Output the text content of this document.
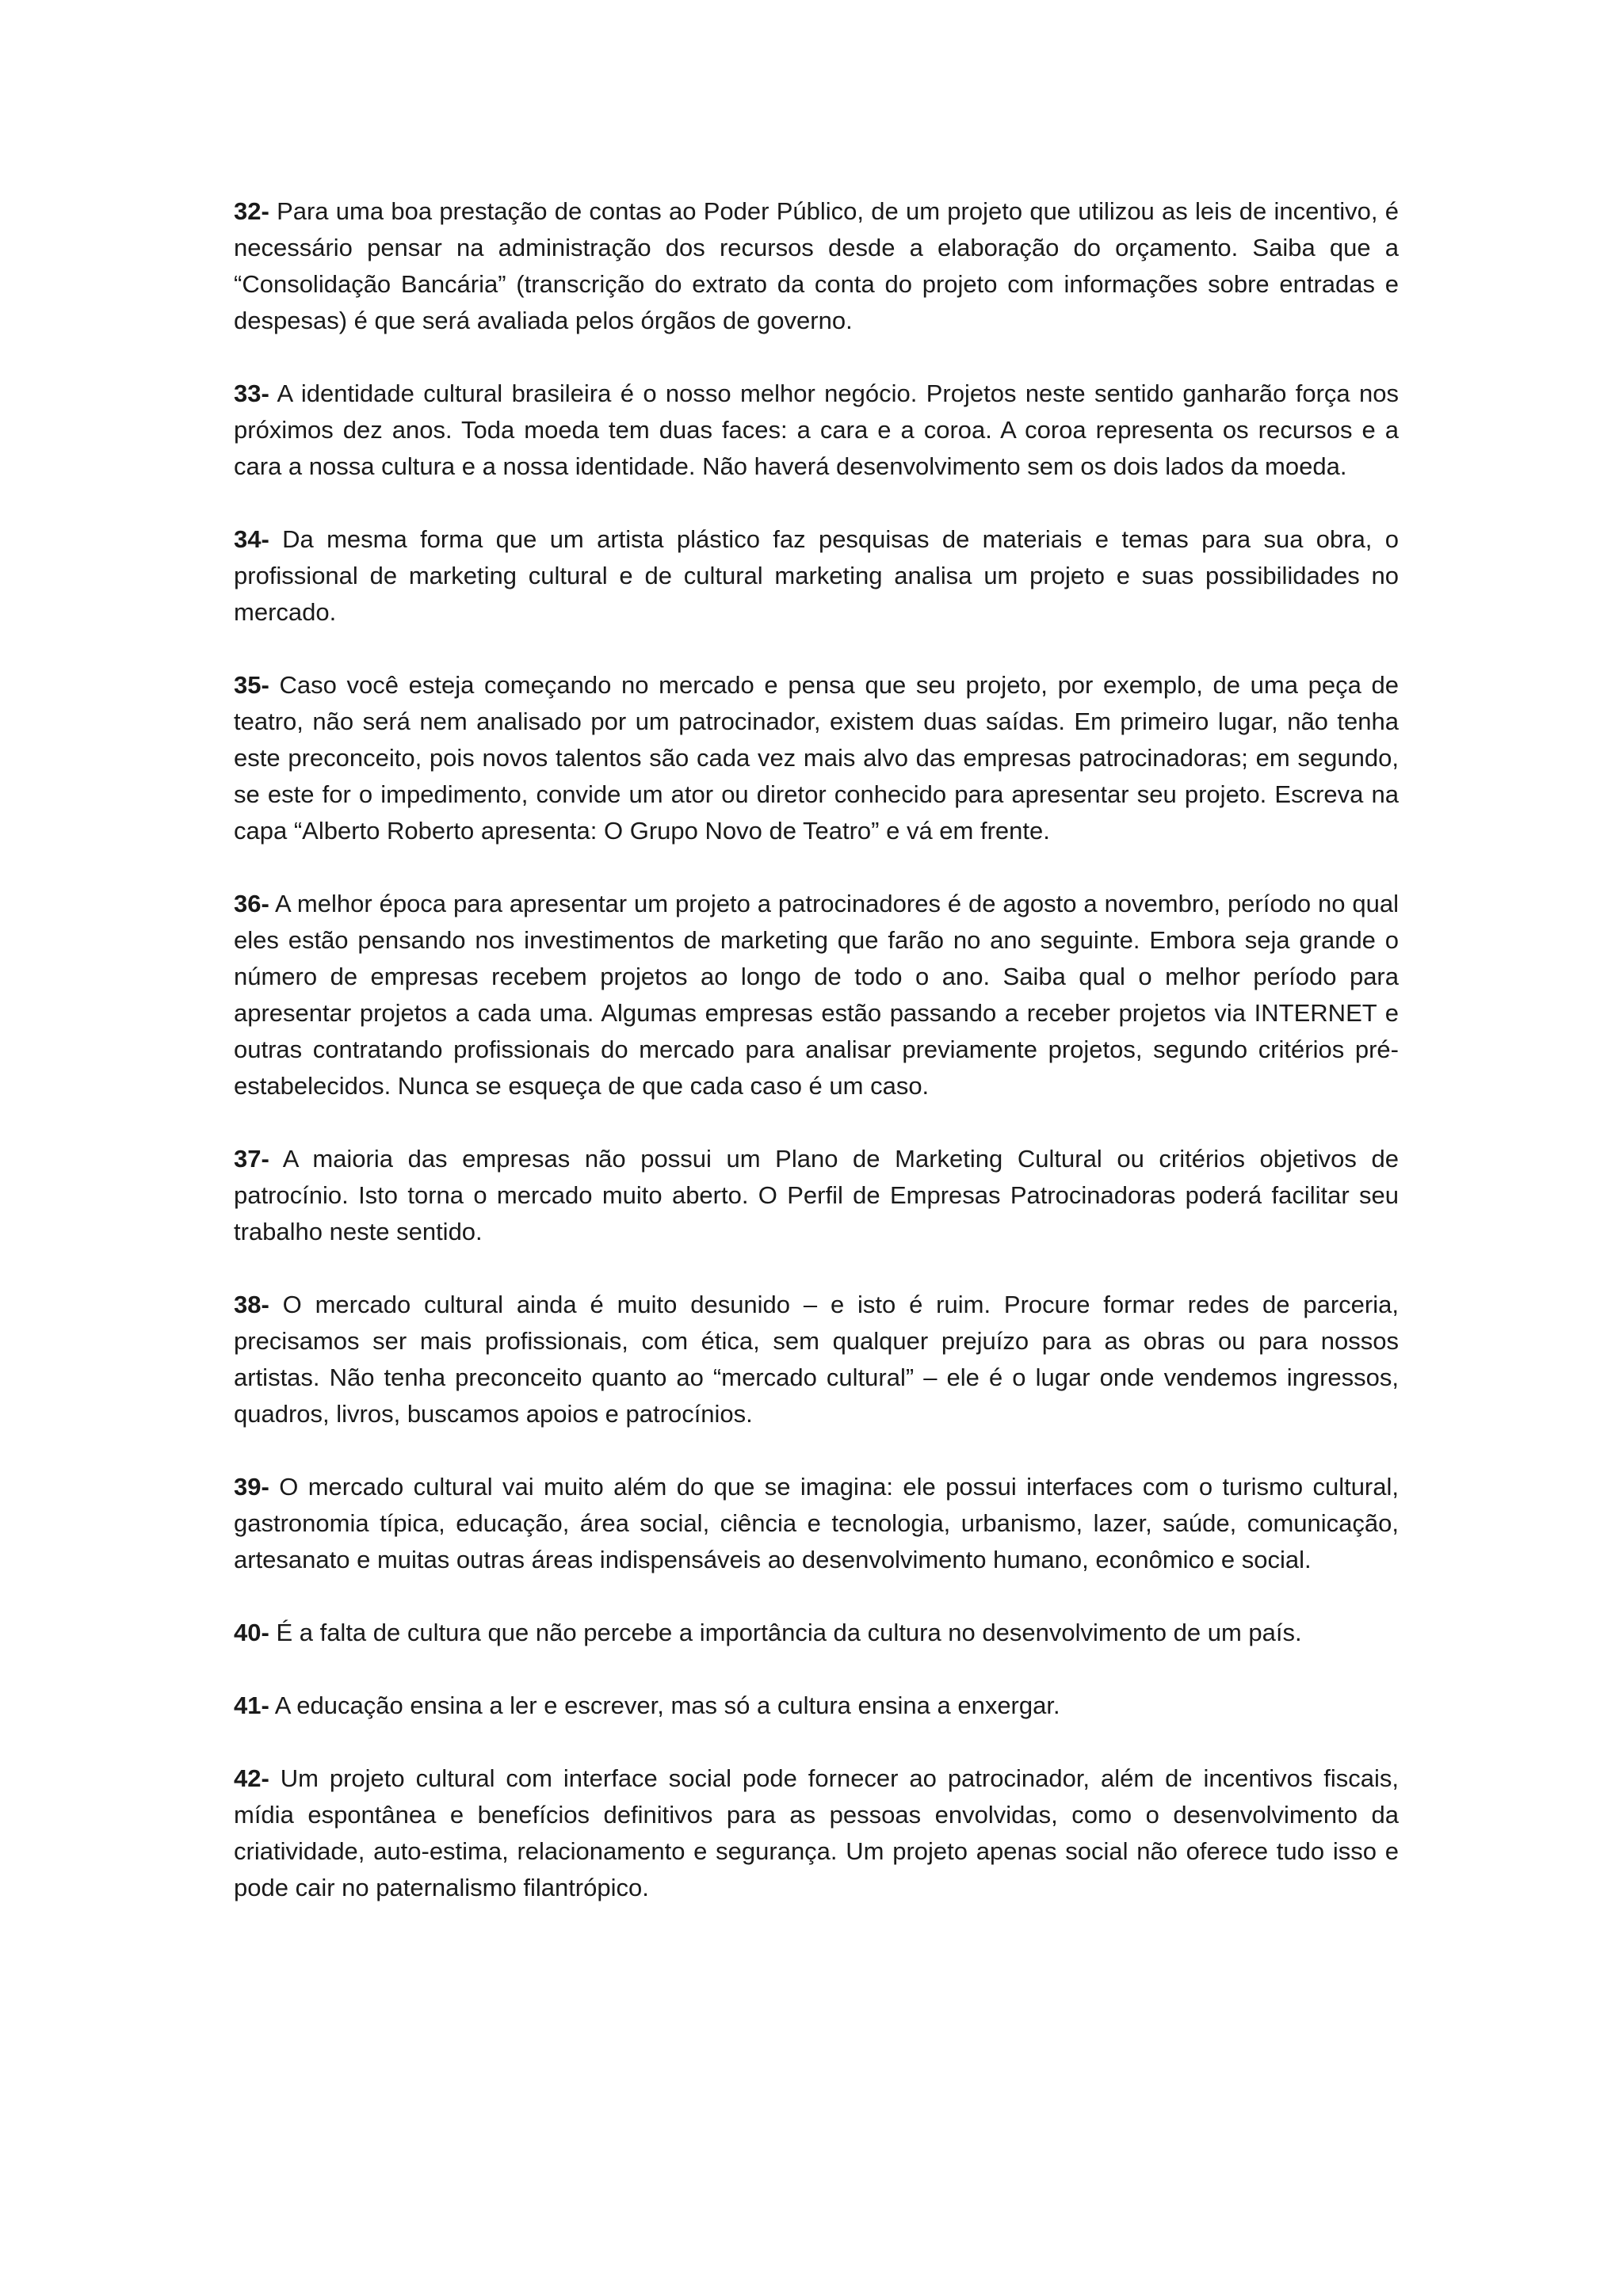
32- Para uma boa prestação de contas ao Poder Público, de um projeto que utilizou as leis de incentivo, é necessário pensar na administração dos recursos desde a elaboração do orçamento. Saiba que a “Consolidação Bancária” (transcrição do extrato da conta do projeto com informações sobre entradas e despesas) é que será avaliada pelos órgãos de governo.

33- A identidade cultural brasileira é o nosso melhor negócio. Projetos neste sentido ganharão força nos próximos dez anos. Toda moeda tem duas faces: a cara e a coroa. A coroa representa os recursos e a cara a nossa cultura e a nossa identidade. Não haverá desenvolvimento sem os dois lados da moeda.

34- Da mesma forma que um artista plástico faz pesquisas de materiais e temas para sua obra, o profissional de marketing cultural e de cultural marketing analisa um projeto e suas possibilidades no mercado.

35- Caso você esteja começando no mercado e pensa que seu projeto, por exemplo, de uma peça de teatro, não será nem analisado por um patrocinador, existem duas saídas. Em primeiro lugar, não tenha este preconceito, pois novos talentos são cada vez mais alvo das empresas patrocinadoras; em segundo, se este for o impedimento, convide um ator ou diretor conhecido para apresentar seu projeto. Escreva na capa “Alberto Roberto apresenta: O Grupo Novo de Teatro” e vá em frente.

36- A melhor época para apresentar um projeto a patrocinadores é de agosto a novembro, período no qual eles estão pensando nos investimentos de marketing que farão no ano seguinte. Embora seja grande o número de empresas recebem projetos ao longo de todo o ano. Saiba qual o melhor período para apresentar projetos a cada uma. Algumas empresas estão passando a receber projetos via INTERNET e outras contratando profissionais do mercado para analisar previamente projetos, segundo critérios pré-estabelecidos. Nunca se esqueça de que cada caso é um caso.

37- A maioria das empresas não possui um Plano de Marketing Cultural ou critérios objetivos de patrocínio. Isto torna o mercado muito aberto. O Perfil de Empresas Patrocinadoras poderá facilitar seu trabalho neste sentido.

38- O mercado cultural ainda é muito desunido – e isto é ruim. Procure formar redes de parceria, precisamos ser mais profissionais, com ética, sem qualquer prejuízo para as obras ou para nossos artistas. Não tenha preconceito quanto ao “mercado cultural” – ele é o lugar onde vendemos ingressos, quadros, livros, buscamos apoios e patrocínios.

39- O mercado cultural vai muito além do que se imagina: ele possui interfaces com o turismo cultural, gastronomia típica, educação, área social, ciência e tecnologia, urbanismo, lazer, saúde, comunicação, artesanato e muitas outras áreas indispensáveis ao desenvolvimento humano, econômico e social.

40- É a falta de cultura que não percebe a importância da cultura no desenvolvimento de um país.

41- A educação ensina a ler e escrever, mas só a cultura ensina a enxergar.

42- Um projeto cultural com interface social pode fornecer ao patrocinador, além de incentivos fiscais, mídia espontânea e benefícios definitivos para as pessoas envolvidas, como o desenvolvimento da criatividade, auto-estima, relacionamento e segurança. Um projeto apenas social não oferece tudo isso e pode cair no paternalismo filantrópico.
